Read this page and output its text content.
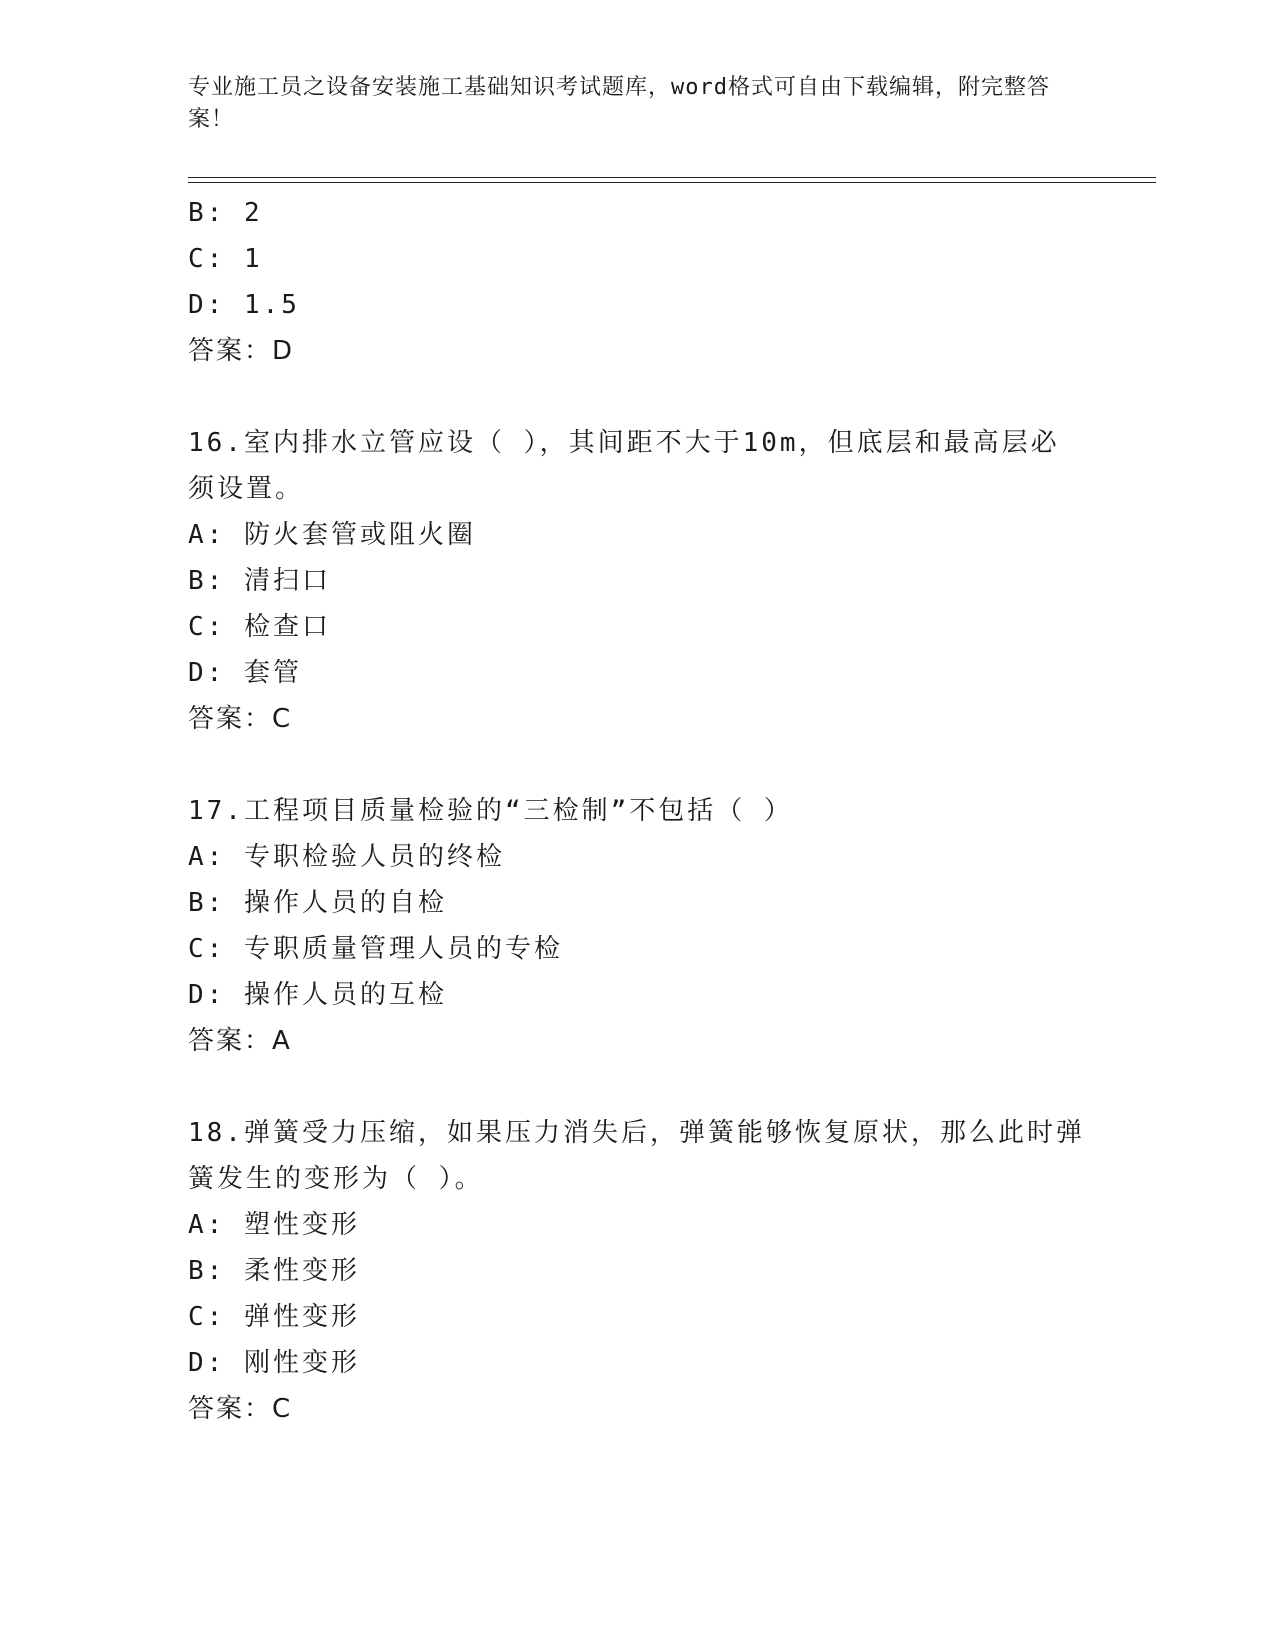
专业施工员之设备安装施工基础知识考试题库，word格式可自由下载编辑，附完整答案！
B: 2
C: 1
D: 1.5
答案：D
16.室内排水立管应设（ ），其间距不大于10m，但底层和最高层必须设置。
A: 防火套管或阻火圈
B: 清扫口
C: 检查口
D: 套管
答案：C
17.工程项目质量检验的“三检制”不包括（ ）
A: 专职检验人员的终检
B: 操作人员的自检
C: 专职质量管理人员的专检
D: 操作人员的互检
答案：A
18.弹簧受力压缩，如果压力消失后，弹簧能够恢复原状，那么此时弹簧发生的变形为（ ）。
A: 塑性变形
B: 柔性变形
C: 弹性变形
D: 刚性变形
答案：C
